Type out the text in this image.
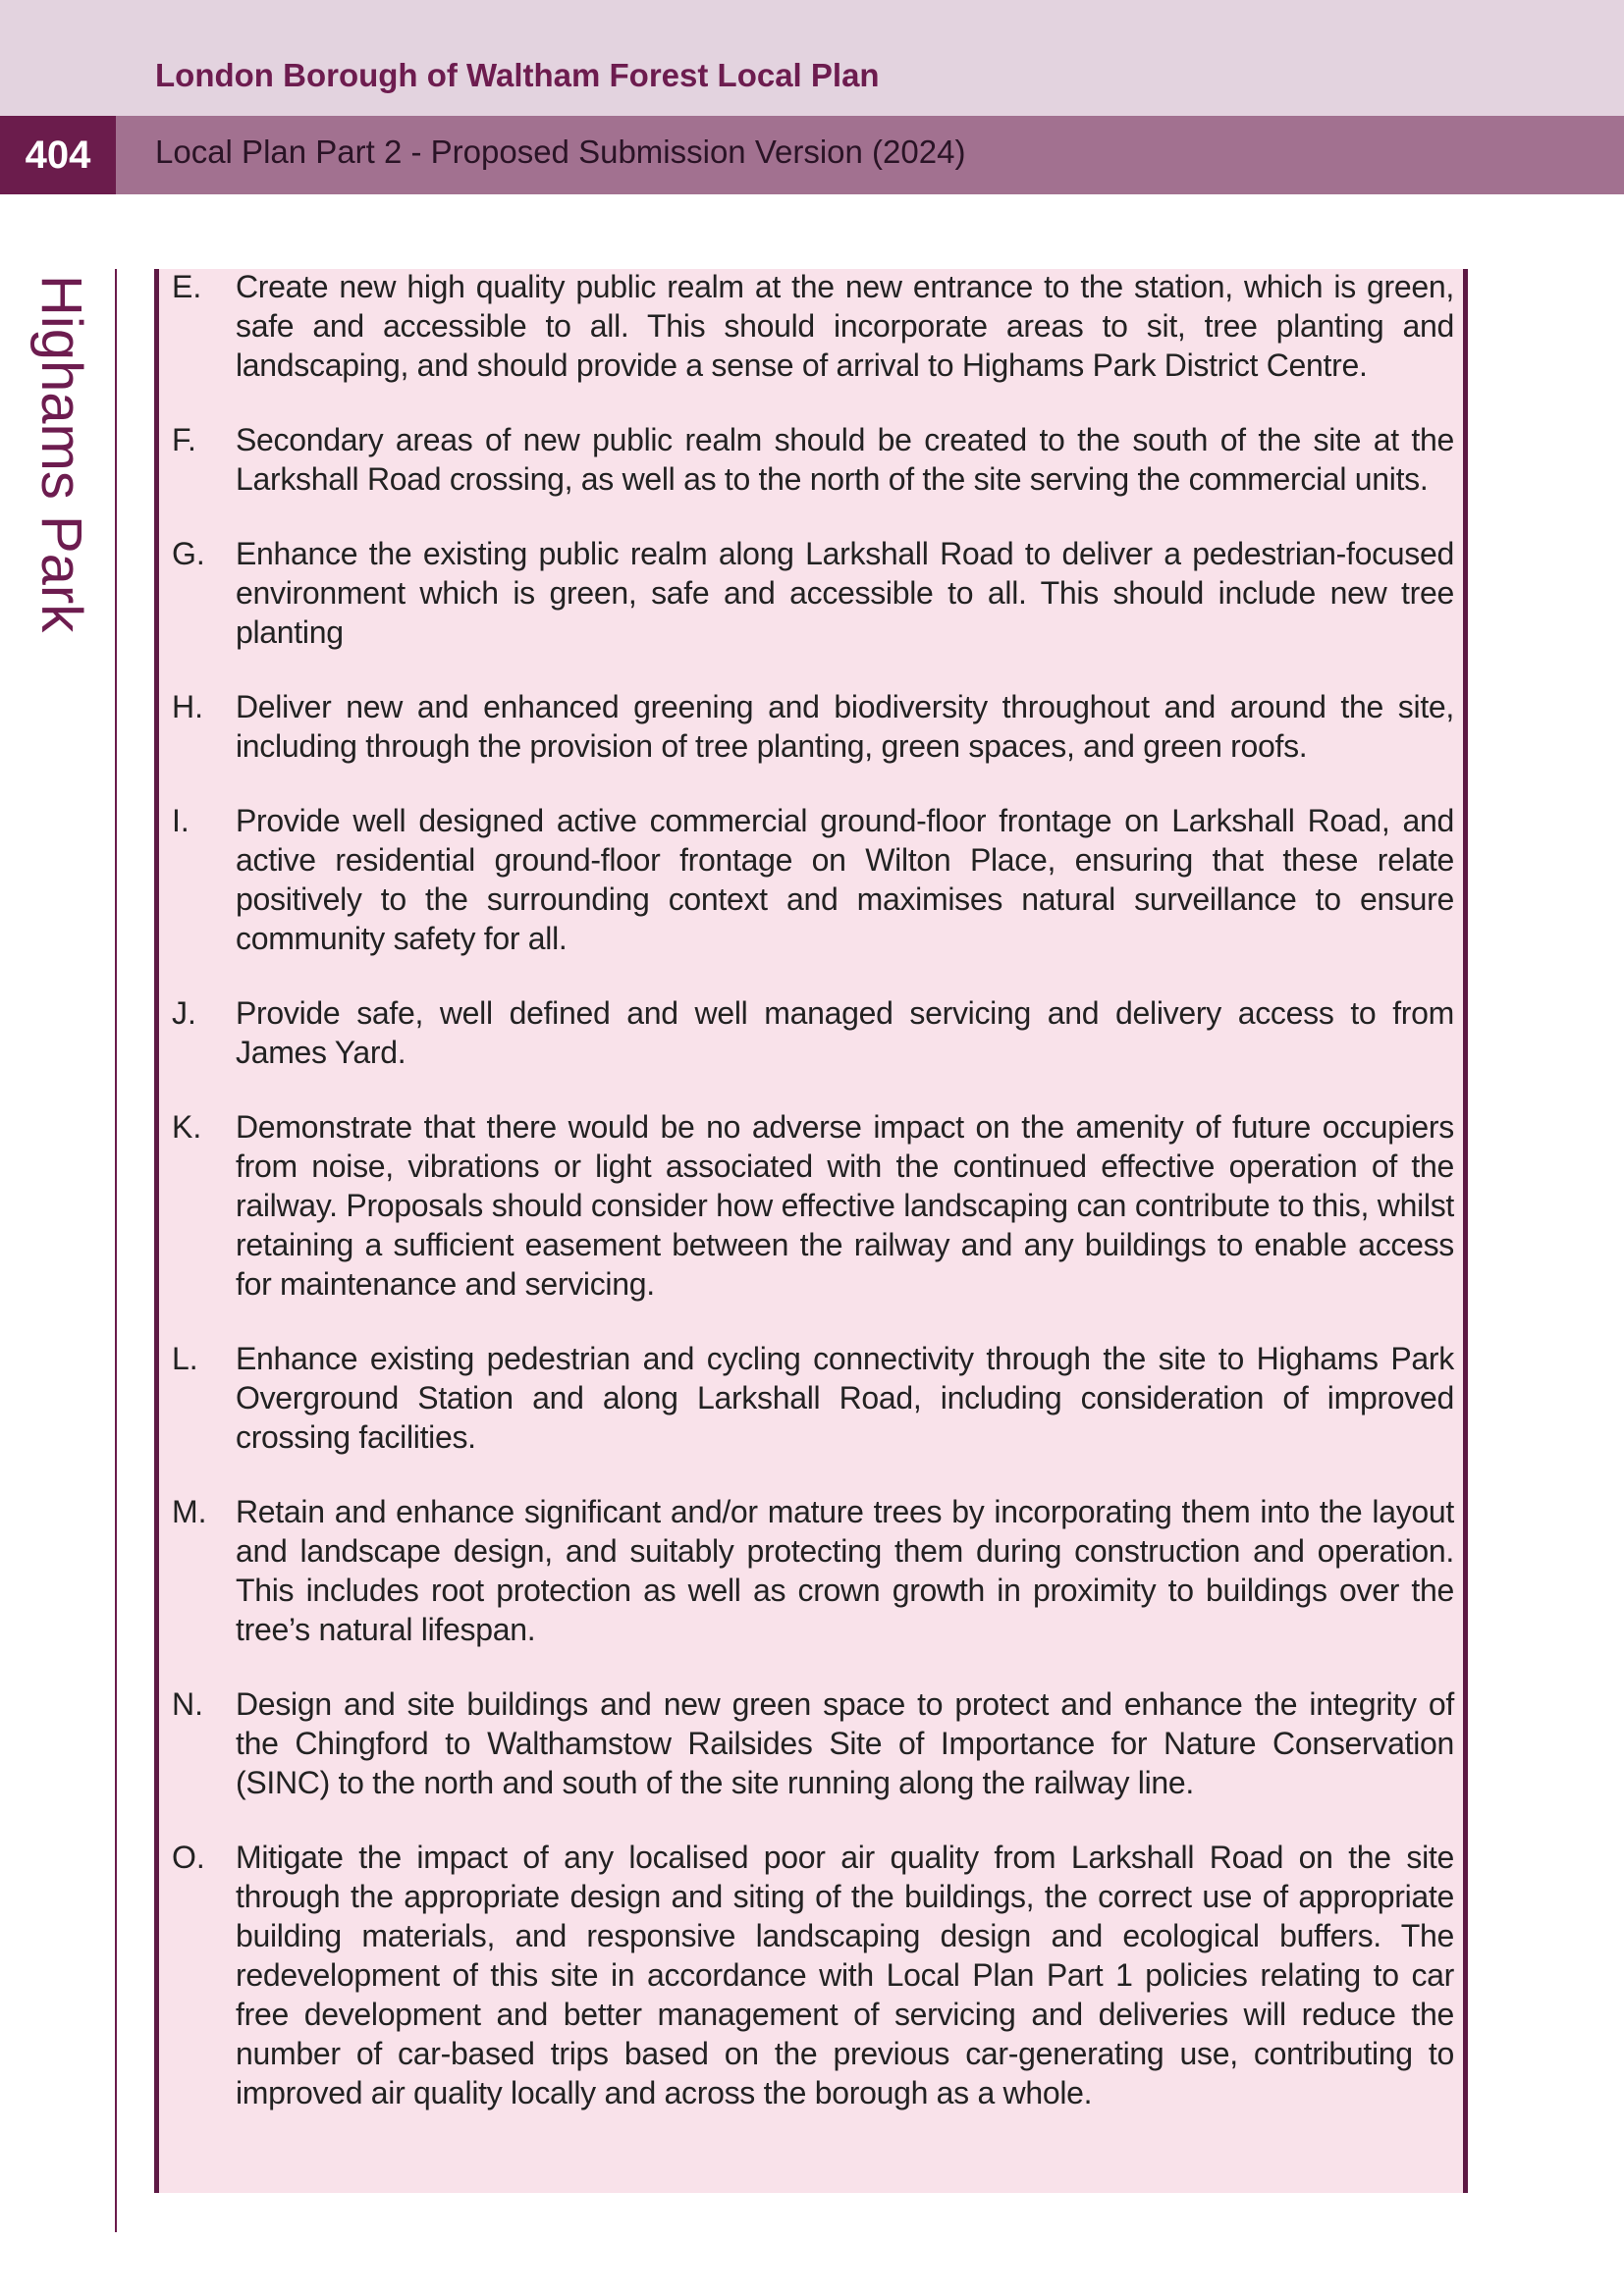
London Borough of Waltham Forest Local Plan
404	Local Plan Part 2 - Proposed Submission Version (2024)
Highams Park	E.	Create new high quality public realm at the new entrance to the station, which is green, safe and accessible to all. This should incorporate areas to sit, tree planting and landscaping, and should provide a sense of arrival to Highams Park District Centre.

F.	Secondary areas of new public realm should be created to the south of the site at the Larkshall Road crossing, as well as to the north of the site serving the commercial units.

G. Enhance the existing public realm along Larkshall Road to deliver a pedestrian-focused environment which is green, safe and accessible to all. This should include new tree planting

H.	Deliver new and enhanced greening and biodiversity throughout and around the site, including through the provision of tree planting, green spaces, and green roofs.

I.	Provide well designed active commercial ground-floor frontage on Larkshall Road, and active residential ground-floor frontage on Wilton Place, ensuring that these relate positively to the surrounding context and maximises natural surveillance to ensure community safety for all.

J.	Provide safe, well defined and well managed servicing and delivery access to from James Yard.

K.	Demonstrate that there would be no adverse impact on the amenity of future occupiers from noise, vibrations or light associated with the continued effective operation of the railway. Proposals should consider how effective landscaping can contribute to this, whilst retaining a sufficient easement between the railway and any buildings to enable access for maintenance and servicing.

L.	Enhance existing pedestrian and cycling connectivity through the site to Highams Park Overground Station and along Larkshall Road, including consideration of improved crossing facilities.

M. Retain and enhance significant and/or mature trees by incorporating them into the layout and landscape design, and suitably protecting them during construction and operation. This includes root protection as well as crown growth in proximity to buildings over the tree’s natural lifespan.

N.	Design and site buildings and new green space to protect and enhance the integrity of the Chingford to Walthamstow Railsides Site of Importance for Nature Conservation (SINC) to the north and south of the site running along the railway line.

O. Mitigate the impact of any localised poor air quality from Larkshall Road on the site through the appropriate design and siting of the buildings, the correct use of appropriate building materials, and responsive landscaping design and ecological buffers. The redevelopment of this site in accordance with Local Plan Part 1 policies relating to car free development and better management of servicing and deliveries will reduce the number of car-based trips based on the previous car-generating use, contributing to improved air quality locally and across the borough as a whole.
